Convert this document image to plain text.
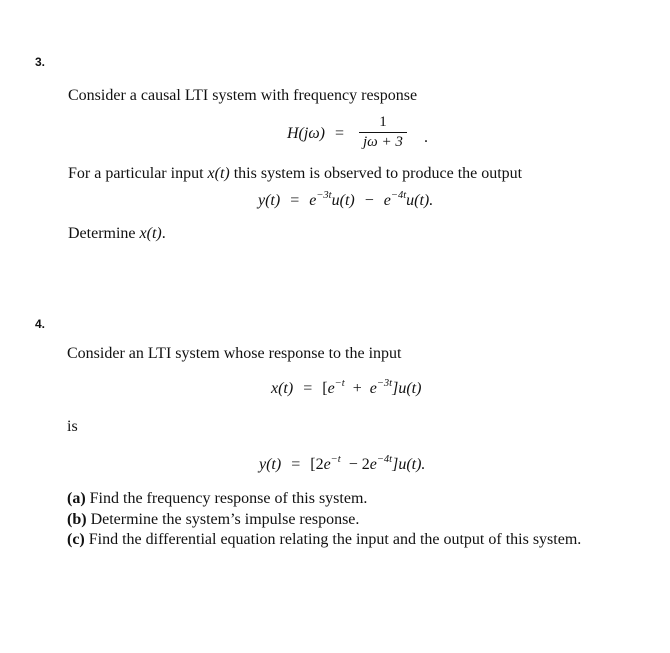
3.
Consider a causal LTI system with frequency response
H(jω) =
1
jω + 3 .
For a particular input x(t) this system is observed to produce the output
$y(t) = e^{-3t}u(t) - e^{-4t}u(t)$.
Determine x(t).
4.
Consider an LTI system whose response to the input
$x(t) = [e^{-t} + e^{-3t}]u(t)$
is
$y(t) = [2e^{-t} - 2e^{-4t}]u(t)$.
(a) Find the frequency response of this system.
(b) Determine the system’s impulse response.
(c) Find the differential equation relating the input and the output of this system.
